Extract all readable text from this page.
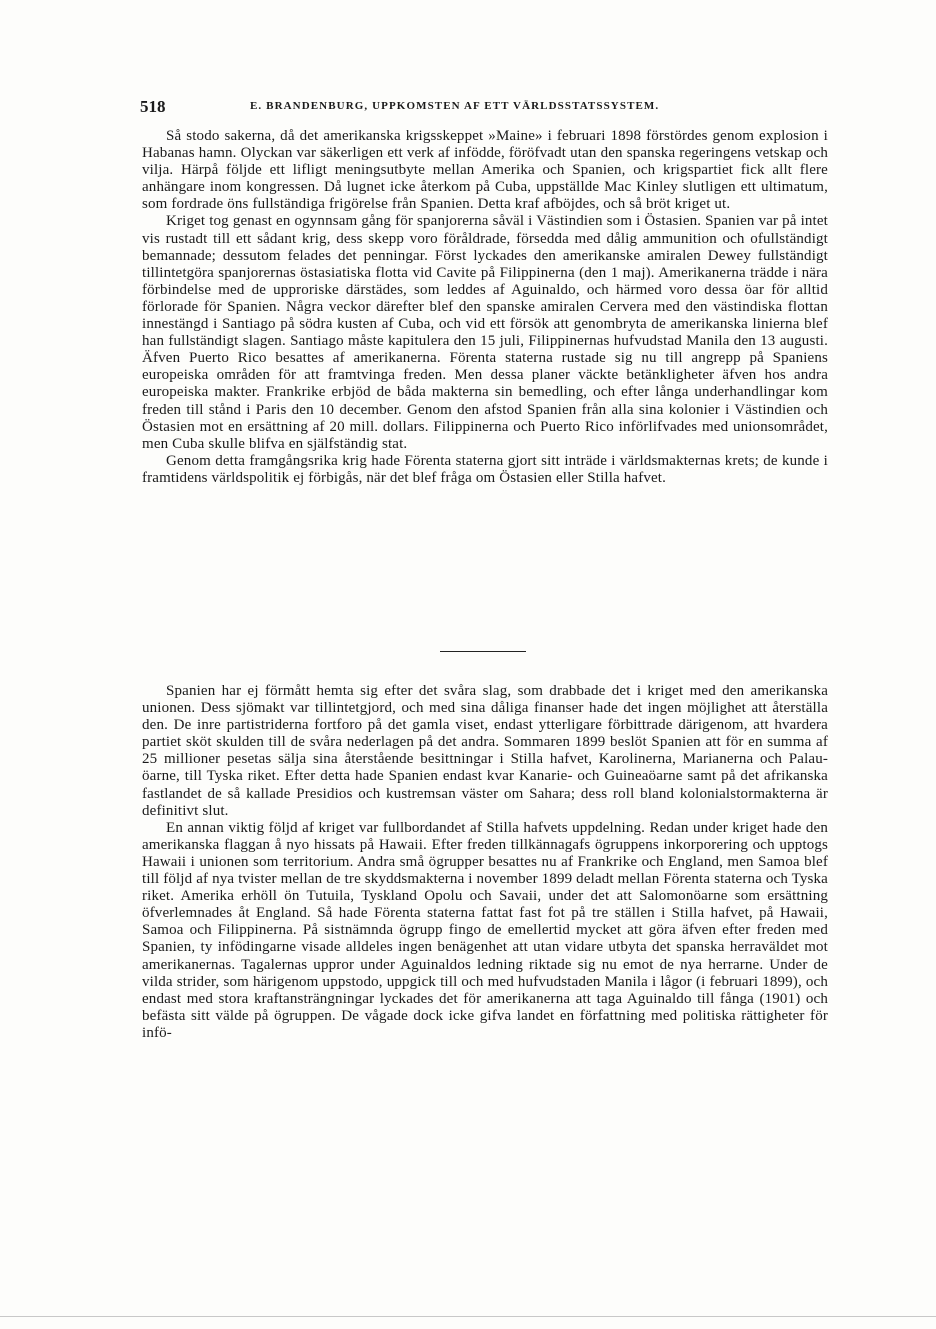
518	E. BRANDENBURG, UPPKOMSTEN AF ETT VÄRLDSSTATSSYSTEM.

Så stodo sakerna, då det amerikanska krigsskeppet »Maine» i februari 1898 förstördes genom explosion i Habanas hamn. Olyckan var säkerligen ett verk af infödde, föröfvadt utan den spanska regeringens vetskap och vilja. Härpå följde ett lifligt meningsutbyte mellan Amerika och Spanien, och krigspartiet fick allt flere anhängare inom kongressen. Då lugnet icke återkom på Cuba, uppställde Mac Kinley slutligen ett ultimatum, som fordrade öns fullständiga frigörelse från Spanien. Detta kraf afböjdes, och så bröt kriget ut.

Kriget tog genast en ogynnsam gång för spanjorerna såväl i Västindien som i Östasien. Spanien var på intet vis rustadt till ett sådant krig, dess skepp voro föråldrade, försedda med dålig ammunition och ofullständigt bemannade; dessutom felades det penningar. Först lyckades den amerikanske amiralen Dewey fullständigt tillintetgöra spanjorernas östasiatiska flotta vid Cavite på Filippinerna (den 1 maj). Amerikanerna trädde i nära förbindelse med de upproriske därstädes, som leddes af Aguinaldo, och härmed voro dessa öar för alltid förlorade för Spanien. Några veckor därefter blef den spanske amiralen Cervera med den västindiska flottan innestängd i Santiago på södra kusten af Cuba, och vid ett försök att genombryta de amerikanska linierna blef han fullständigt slagen. Santiago måste kapitulera den 15 juli, Filippinernas hufvudstad Manila den 13 augusti. Äfven Puerto Rico besattes af amerikanerna. Förenta staterna rustade sig nu till angrepp på Spaniens europeiska områden för att framtvinga freden. Men dessa planer väckte betänkligheter äfven hos andra europeiska makter. Frankrike erbjöd de båda makterna sin bemedling, och efter långa underhandlingar kom freden till stånd i Paris den 10 december. Genom den afstod Spanien från alla sina kolonier i Västindien och Östasien mot en ersättning af 20 mill. dollars. Filippinerna och Puerto Rico införlifvades med unionsområdet, men Cuba skulle blifva en själfständig stat.

Genom detta framgångsrika krig hade Förenta staterna gjort sitt inträde i världsmakternas krets; de kunde i framtidens världspolitik ej förbigås, när det blef fråga om Östasien eller Stilla hafvet.

Spanien har ej förmått hemta sig efter det svåra slag, som drabbade det i kriget med den amerikanska unionen. Dess sjömakt var tillintetgjord, och med sina dåliga finanser hade det ingen möjlighet att återställa den. De inre partistriderna fortforo på det gamla viset, endast ytterligare förbittrade därigenom, att hvardera partiet sköt skulden till de svåra nederlagen på det andra. Sommaren 1899 beslöt Spanien att för en summa af 25 millioner pesetas sälja sina återstående besittningar i Stilla hafvet, Karolinerna, Marianerna och Palau-öarne, till Tyska riket. Efter detta hade Spanien endast kvar Kanarie- och Guineaöarne samt på det afrikanska fastlandet de så kallade Presidios och kustremsan väster om Sahara; dess roll bland kolonialstormakterna är definitivt slut.

En annan viktig följd af kriget var fullbordandet af Stilla hafvets uppdelning. Redan under kriget hade den amerikanska flaggan å nyo hissats på Hawaii. Efter freden tillkännagafs ögruppens inkorporering och upptogs Hawaii i unionen som territorium. Andra små ögrupper besattes nu af Frankrike och England, men Samoa blef till följd af nya tvister mellan de tre skyddsmakterna i november 1899 deladt mellan Förenta staterna och Tyska riket. Amerika erhöll ön Tutuila, Tyskland Opolu och Savaii, under det att Salomonöarne som ersättning öfverlemnades åt England. Så hade Förenta staterna fattat fast fot på tre ställen i Stilla hafvet, på Hawaii, Samoa och Filippinerna. På sistnämnda ögrupp fingo de emellertid mycket att göra äfven efter freden med Spanien, ty infödingarne visade alldeles ingen benägenhet att utan vidare utbyta det spanska herraväldet mot amerikanernas. Tagalernas uppror under Aguinaldos ledning riktade sig nu emot de nya herrarne. Under de vilda strider, som härigenom uppstodo, uppgick till och med hufvudstaden Manila i lågor (i februari 1899), och endast med stora kraftansträngningar lyckades det för amerikanerna att taga Aguinaldo till fånga (1901) och befästa sitt välde på ögruppen. De vågade dock icke gifva landet en författning med politiska rättigheter för infö-
